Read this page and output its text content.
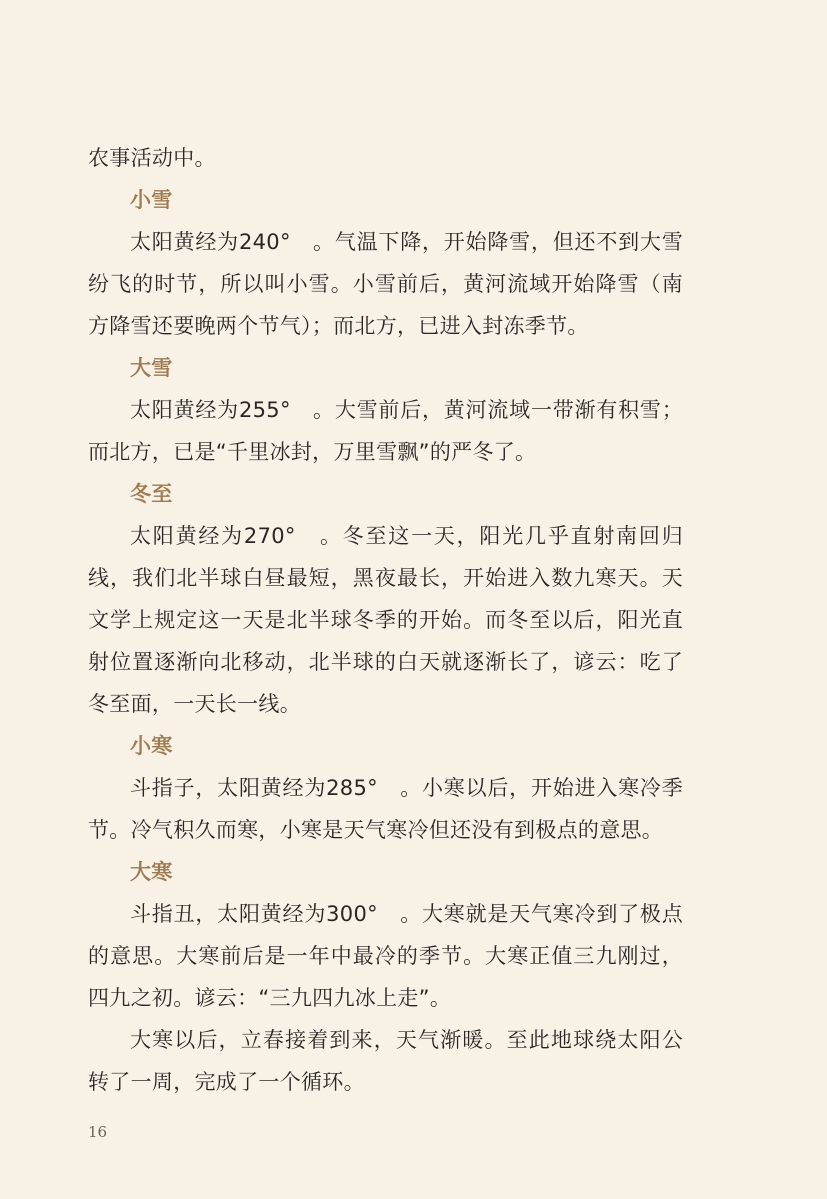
农事活动中。

小雪

太阳黄经为240°　。气温下降，开始降雪，但还不到大雪纷飞的时节，所以叫小雪。小雪前后，黄河流域开始降雪（南方降雪还要晚两个节气）；而北方，已进入封冻季节。

大雪

太阳黄经为255°　。大雪前后，黄河流域一带渐有积雪；而北方，已是“千里冰封，万里雪飘”的严冬了。

冬至

太阳黄经为270°　。冬至这一天，阳光几乎直射南回归线，我们北半球白昼最短，黑夜最长，开始进入数九寒天。天文学上规定这一天是北半球冬季的开始。而冬至以后，阳光直射位置逐渐向北移动，北半球的白天就逐渐长了，谚云：吃了冬至面，一天长一线。

小寒

斗指子，太阳黄经为285°　。小寒以后，开始进入寒冷季节。冷气积久而寒，小寒是天气寒冷但还没有到极点的意思。

大寒

斗指丑，太阳黄经为300°　。大寒就是天气寒冷到了极点的意思。大寒前后是一年中最冷的季节。大寒正值三九刚过，四九之初。谚云：“三九四九冰上走”。

大寒以后，立春接着到来，天气渐暖。至此地球绕太阳公转了一周，完成了一个循环。

16
